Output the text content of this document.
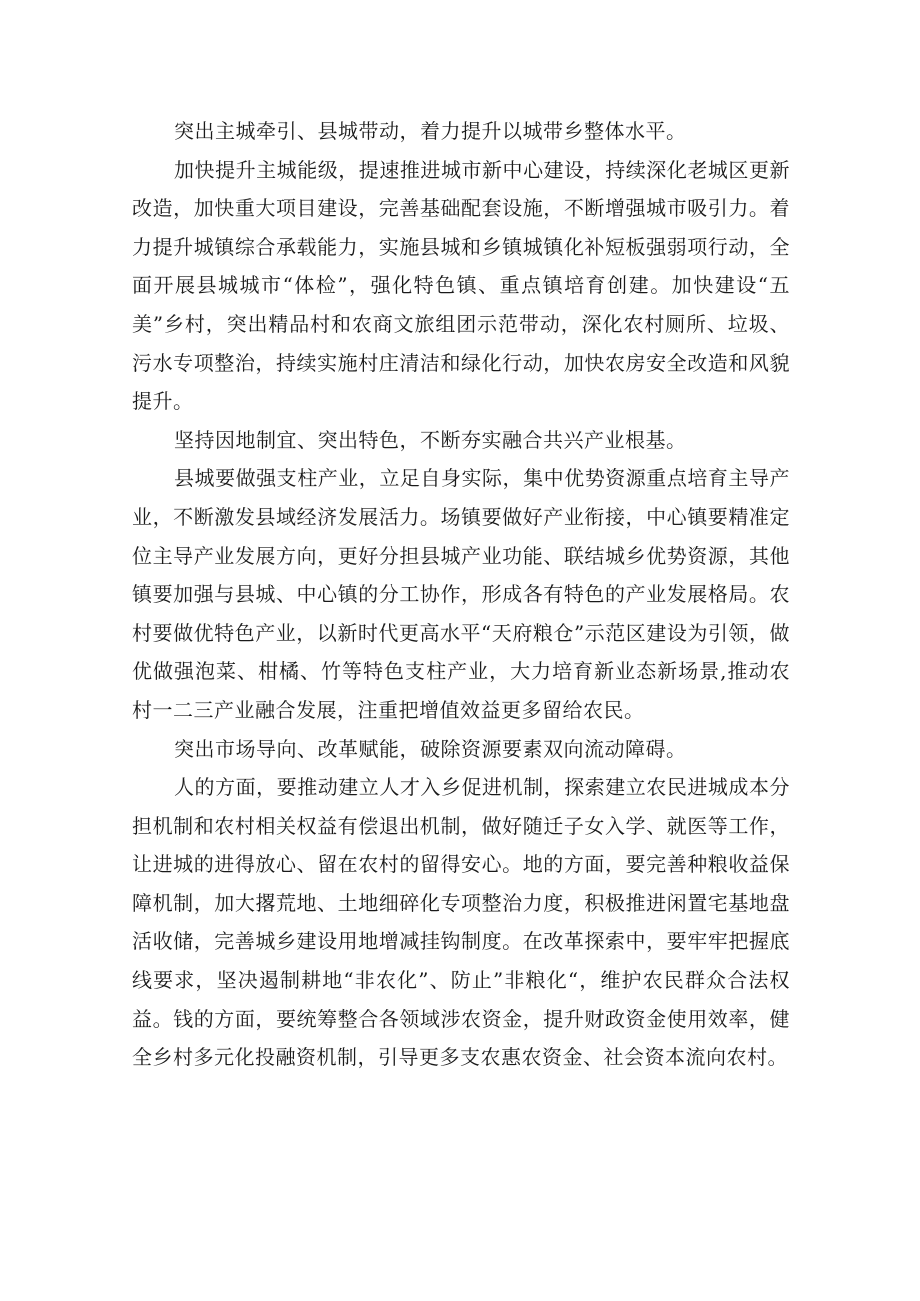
突出主城牵引、县城带动，着力提升以城带乡整体水平。

加快提升主城能级，提速推进城市新中心建设，持续深化老城区更新改造，加快重大项目建设，完善基础配套设施，不断增强城市吸引力。着力提升城镇综合承载能力，实施县城和乡镇城镇化补短板强弱项行动，全面开展县城城市“体检”，强化特色镇、重点镇培育创建。加快建设“五美”乡村，突出精品村和农商文旅组团示范带动，深化农村厕所、垃圾、污水专项整治，持续实施村庄清洁和绿化行动，加快农房安全改造和风貌提升。

坚持因地制宜、突出特色，不断夯实融合共兴产业根基。

县城要做强支柱产业，立足自身实际，集中优势资源重点培育主导产业，不断激发县域经济发展活力。场镇要做好产业衔接，中心镇要精准定位主导产业发展方向，更好分担县城产业功能、联结城乡优势资源，其他镇要加强与县城、中心镇的分工协作，形成各有特色的产业发展格局。农村要做优特色产业，以新时代更高水平“天府粮仓”示范区建设为引领，做优做强泡菜、柑橘、竹等特色支柱产业，大力培育新业态新场景,推动农村一二三产业融合发展，注重把增值效益更多留给农民。

突出市场导向、改革赋能，破除资源要素双向流动障碍。

人的方面，要推动建立人才入乡促进机制，探索建立农民进城成本分担机制和农村相关权益有偿退出机制，做好随迁子女入学、就医等工作，让进城的进得放心、留在农村的留得安心。地的方面，要完善种粮收益保障机制，加大撂荒地、土地细碎化专项整治力度，积极推进闲置宅基地盘活收储，完善城乡建设用地增减挂钩制度。在改革探索中，要牢牢把握底线要求，坚决遏制耕地“非农化”、防止”非粮化“，维护农民群众合法权益。钱的方面，要统筹整合各领域涉农资金，提升财政资金使用效率，健全乡村多元化投融资机制，引导更多支农惠农资金、社会资本流向农村。
